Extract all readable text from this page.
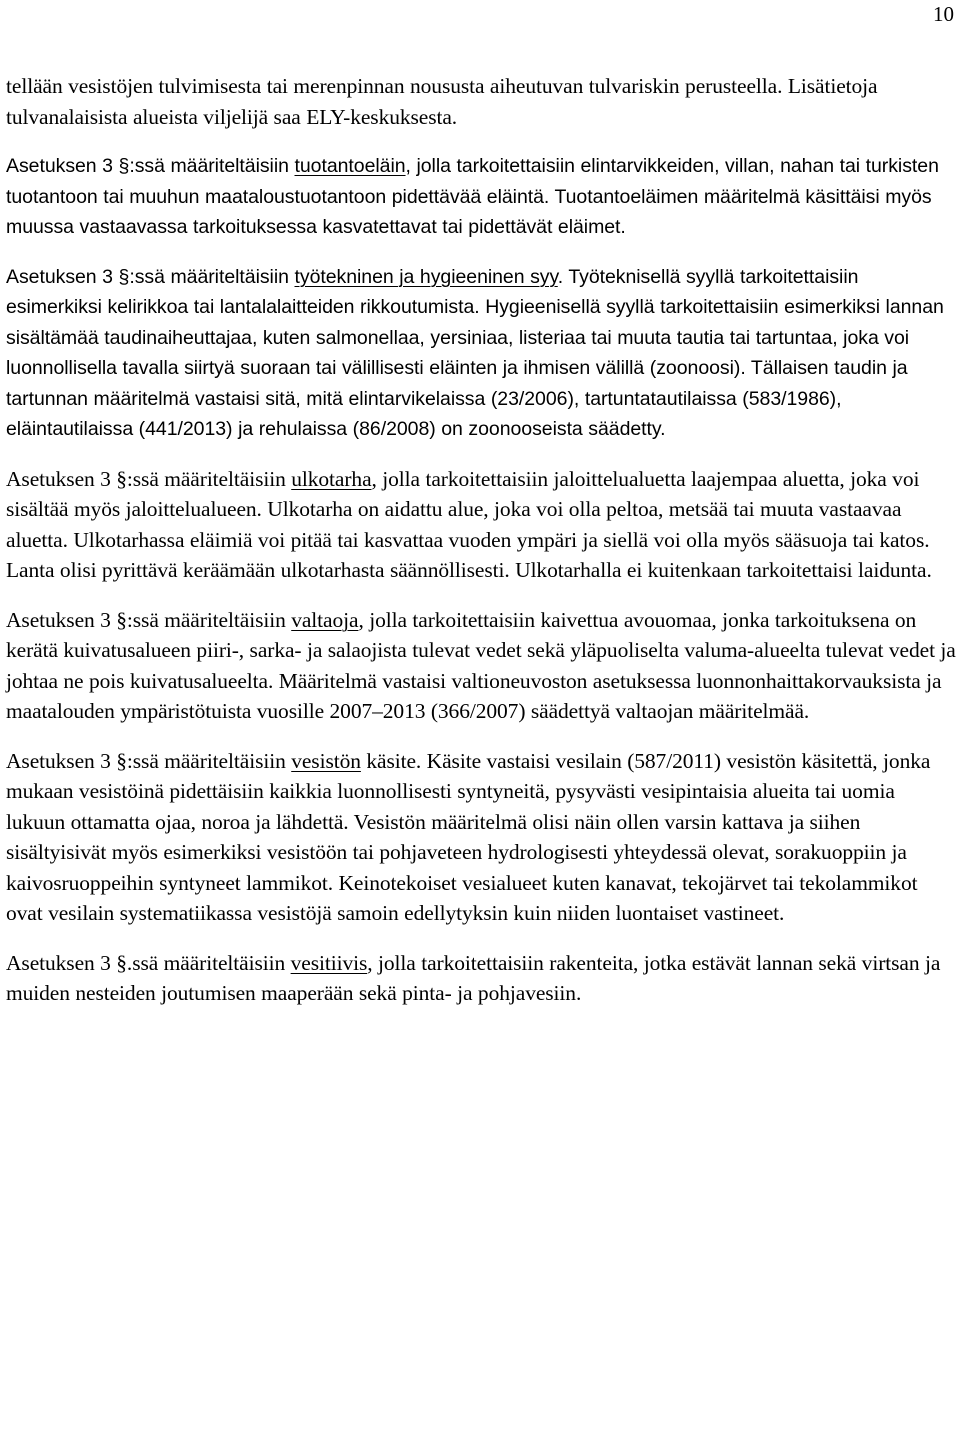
10

tellään vesistöjen tulvimisesta tai merenpinnan noususta aiheutuvan tulvariskin perusteella. Lisätietoja tulvanalaisista alueista viljelijä saa ELY-keskuksesta.

Asetuksen 3 §:ssä määriteltäisiin tuotantoeläin, jolla tarkoitettaisiin elintarvikkeiden, villan, nahan tai turkisten tuotantoon tai muuhun maataloustuotantoon pidettävää eläintä. Tuotantoeläimen määritelmä käsittäisi myös muussa vastaavassa tarkoituksessa kasvatettavat tai pidettävät eläimet.

Asetuksen 3 §:ssä määriteltäisiin työtekninen ja hygieeninen syy. Työteknisellä syyllä tarkoitettaisiin esimerkiksi kelirikkoa tai lantalalaitteiden rikkoutumista. Hygieenisellä syyllä tarkoitettaisiin esimerkiksi lannan sisältämää taudinaiheuttajaa, kuten salmonellaa, yersiniaa, listeriaa tai muuta tautia tai tartuntaa, joka voi luonnollisella tavalla siirtyä suoraan tai välillisesti eläinten ja ihmisen välillä (zoonoosi). Tällaisen taudin ja tartunnan määritelmä vastaisi sitä, mitä elintarvikelaissa (23/2006), tartuntatautilaissa (583/1986), eläintautilaissa (441/2013) ja rehulaissa (86/2008) on zoonooseista säädetty.

Asetuksen 3 §:ssä määriteltäisiin ulkotarha, jolla tarkoitettaisiin jaloittelualuetta laajempaa aluetta, joka voi sisältää myös jaloittelualueen. Ulkotarha on aidattu alue, joka voi olla peltoa, metsää tai muuta vastaavaa aluetta. Ulkotarhassa eläimiä voi pitää tai kasvattaa vuoden ympäri ja siellä voi olla myös sääsuoja tai katos. Lanta olisi pyrittävä keräämään ulkotarhasta säännöllisesti. Ulkotarhalla ei kuitenkaan tarkoitettaisi laidunta.

Asetuksen 3 §:ssä määriteltäisiin valtaoja, jolla tarkoitettaisiin kaivettua avouomaa, jonka tarkoituksena on kerätä kuivatusalueen piiri-, sarka- ja salaojista tulevat vedet sekä yläpuoliselta valuma-alueelta tulevat vedet ja johtaa ne pois kuivatusalueelta. Määritelmä vastaisi valtioneuvoston asetuksessa luonnonhaittakorvauksista ja maatalouden ympäristötuista vuosille 2007–2013 (366/2007) säädettyä valtaojan määritelmää.

Asetuksen 3 §:ssä määriteltäisiin vesistön käsite. Käsite vastaisi vesilain (587/2011) vesistön käsitettä, jonka mukaan vesistöinä pidettäisiin kaikkia luonnollisesti syntyneitä, pysyvästi vesipintaisia alueita tai uomia lukuun ottamatta ojaa, noroa ja lähdettä. Vesistön määritelmä olisi näin ollen varsin kattava ja siihen sisältyisivät myös esimerkiksi vesistöön tai pohjaveteen hydrologisesti yhteydessä olevat, sorakuoppiin ja kaivosruoppeihin syntyneet lammikot. Keinotekoiset vesialueet kuten kanavat, tekojärvet tai tekolammikot ovat vesilain systematiikassa vesistöjä samoin edellytyksin kuin niiden luontaiset vastineet.

Asetuksen 3 §.ssä määriteltäisiin vesitiivis, jolla tarkoitettaisiin rakenteita, jotka estävät lannan sekä virtsan ja muiden nesteiden joutumisen maaperään sekä pinta- ja pohjavesiin.
